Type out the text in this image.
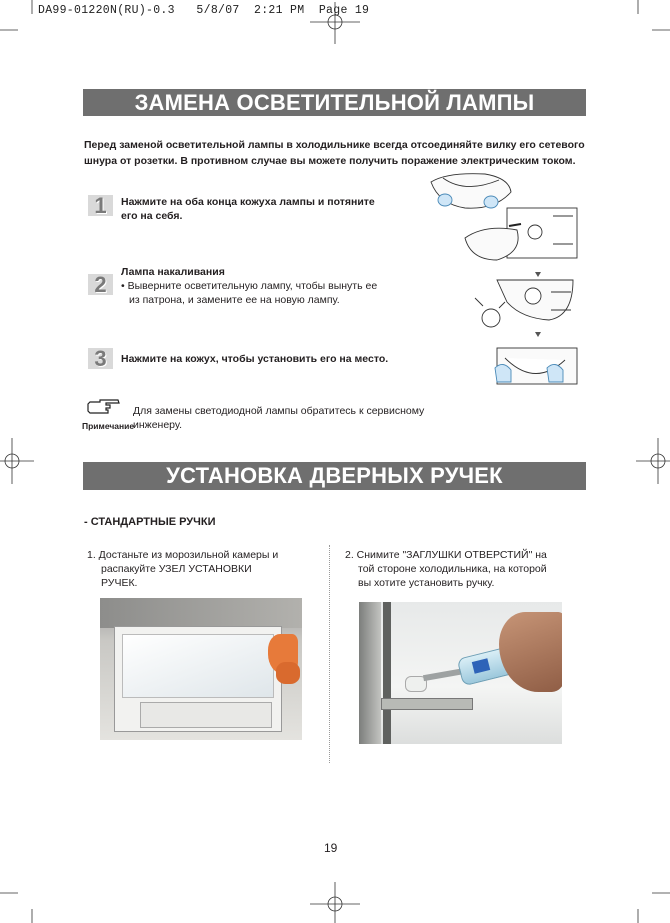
DA99-01220N(RU)-0.3   5/8/07  2:21 PM  Page 19
ЗАМЕНА ОСВЕТИТЕЛЬНОЙ ЛАМПЫ
Перед заменой осветительной лампы в холодильнике всегда отсоединяйте вилку его сетевого
шнура от розетки. В противном случае вы можете получить поражение электрическим током.
1	Нажмите на оба конца кожуха лампы и потяните
его на себя.
2	Лампа накаливания
• Выверните осветительную лампу, чтобы вынуть ее
из патрона, и замените ее на новую лампу.
3	Нажмите на кожух, чтобы установить его на место.
Примечание
Для замены светодиодной лампы обратитесь к сервисному
инженеру.
УСТАНОВКА ДВЕРНЫХ РУЧЕК
- СТАНДАРТНЫЕ РУЧКИ
1. Достаньте из морозильной камеры и
распакуйте УЗЕЛ УСТАНОВКИ
РУЧЕК.
2. Снимите "ЗАГЛУШКИ ОТВЕРСТИЙ" на
той стороне холодильника, на которой
вы хотите установить ручку.
19
